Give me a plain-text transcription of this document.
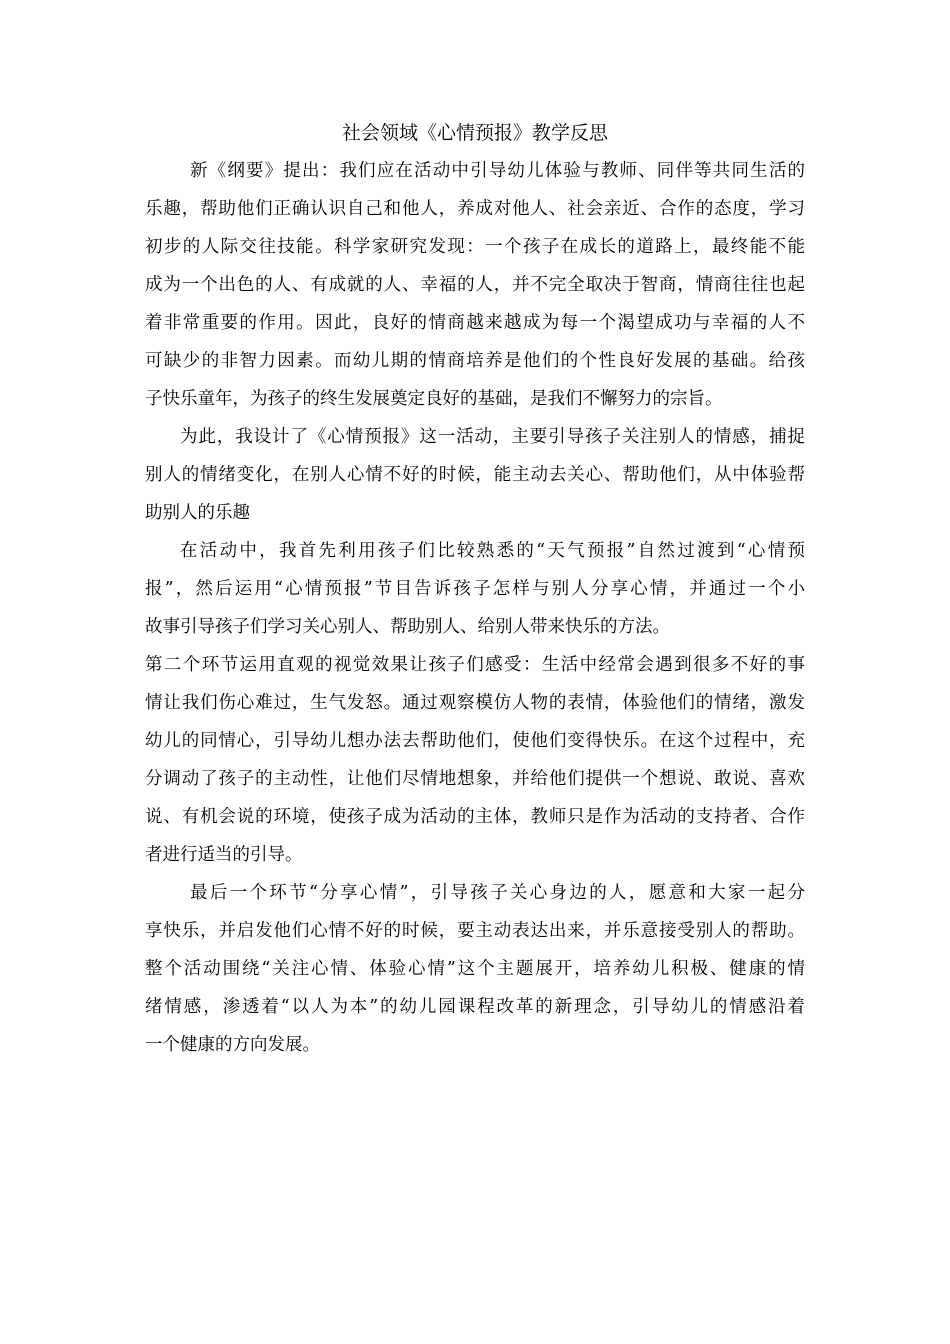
社会领域《心情预报》教学反思
新《纲要》提出：我们应在活动中引导幼儿体验与教师、同伴等共同生活的
乐趣，帮助他们正确认识自己和他人，养成对他人、社会亲近、合作的态度，学习
初步的人际交往技能。科学家研究发现：一个孩子在成长的道路上，最终能不能
成为一个出色的人、有成就的人、幸福的人，并不完全取决于智商，情商往往也起
着非常重要的作用。因此，良好的情商越来越成为每一个渴望成功与幸福的人不
可缺少的非智力因素。而幼儿期的情商培养是他们的个性良好发展的基础。给孩
子快乐童年，为孩子的终生发展奠定良好的基础，是我们不懈努力的宗旨。
为此，我设计了《心情预报》这一活动，主要引导孩子关注别人的情感，捕捉
别人的情绪变化，在别人心情不好的时候，能主动去关心、帮助他们，从中体验帮
助别人的乐趣
在活动中，我首先利用孩子们比较熟悉的“天气预报”自然过渡到“心情预
报”，然后运用“心情预报”节目告诉孩子怎样与别人分享心情，并通过一个小
故事引导孩子们学习关心别人、帮助别人、给别人带来快乐的方法。
第二个环节运用直观的视觉效果让孩子们感受：生活中经常会遇到很多不好的事
情让我们伤心难过，生气发怒。通过观察模仿人物的表情，体验他们的情绪，激发
幼儿的同情心，引导幼儿想办法去帮助他们，使他们变得快乐。在这个过程中，充
分调动了孩子的主动性，让他们尽情地想象，并给他们提供一个想说、敢说、喜欢
说、有机会说的环境，使孩子成为活动的主体，教师只是作为活动的支持者、合作
者进行适当的引导。
最后一个环节“分享心情”，引导孩子关心身边的人，愿意和大家一起分
享快乐，并启发他们心情不好的时候，要主动表达出来，并乐意接受别人的帮助。
整个活动围绕“关注心情、体验心情”这个主题展开，培养幼儿积极、健康的情
绪情感，渗透着“以人为本”的幼儿园课程改革的新理念，引导幼儿的情感沿着
一个健康的方向发展。
